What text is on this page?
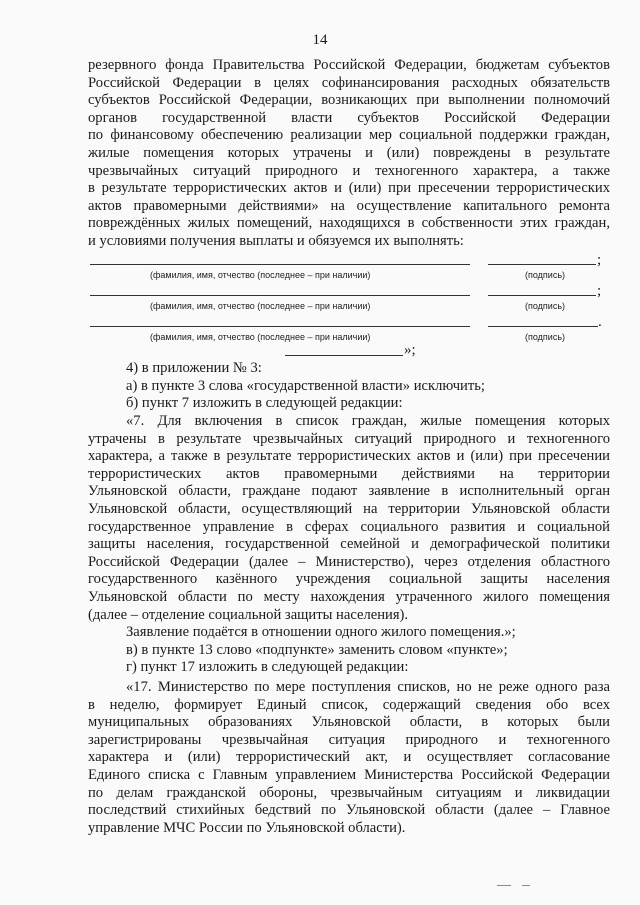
14
резервного фонда Правительства Российской Федерации, бюджетам субъектов
Российской Федерации в целях софинансирования расходных обязательств
субъектов Российской Федерации, возникающих при выполнении полномочий
органов государственной власти субъектов Российской Федерации
по финансовому обеспечению реализации мер социальной поддержки граждан,
жилые помещения которых утрачены и (или) повреждены в результате
чрезвычайных ситуаций природного и техногенного характера, а также
в результате террористических актов и (или) при пресечении террористических
актов правомерными действиями» на осуществление капитального ремонта
повреждённых жилых помещений, находящихся в собственности этих граждан,
и условиями получения выплаты и обязуемся их выполнять:
;
(фамилия, имя, отчество (последнее – при наличии)	(подпись)
;
(фамилия, имя, отчество (последнее – при наличии)	(подпись)
.
(фамилия, имя, отчество (последнее – при наличии)	(подпись)
»;
4) в приложении № 3:
а) в пункте 3 слова «государственной власти» исключить;
б) пункт 7 изложить в следующей редакции:
«7. Для включения в список граждан, жилые помещения которых
утрачены в результате чрезвычайных ситуаций природного и техногенного
характера, а также в результате террористических актов и (или) при пресечении
террористических актов правомерными действиями на территории
Ульяновской области, граждане подают заявление в исполнительный орган
Ульяновской области, осуществляющий на территории Ульяновской области
государственное управление в сферах социального развития и социальной
защиты населения, государственной семейной и демографической политики
Российской Федерации (далее – Министерство), через отделения областного
государственного казённого учреждения социальной защиты населения
Ульяновской области по месту нахождения утраченного жилого помещения
(далее – отделение социальной защиты населения).
Заявление подаётся в отношении одного жилого помещения.»;
в) в пункте 13 слово «подпункте» заменить словом «пункте»;
г) пункт 17 изложить в следующей редакции:
«17. Министерство по мере поступления списков, но не реже одного раза
в неделю, формирует Единый список, содержащий сведения обо всех
муниципальных образованиях Ульяновской области, в которых были
зарегистрированы чрезвычайная ситуация природного и техногенного
характера и (или) террористический акт, и осуществляет согласование
Единого списка с Главным управлением Министерства Российской Федерации
по делам гражданской обороны, чрезвычайным ситуациям и ликвидации
последствий стихийных бедствий по Ульяновской области (далее – Главное
управление МЧС России по Ульяновской области).
